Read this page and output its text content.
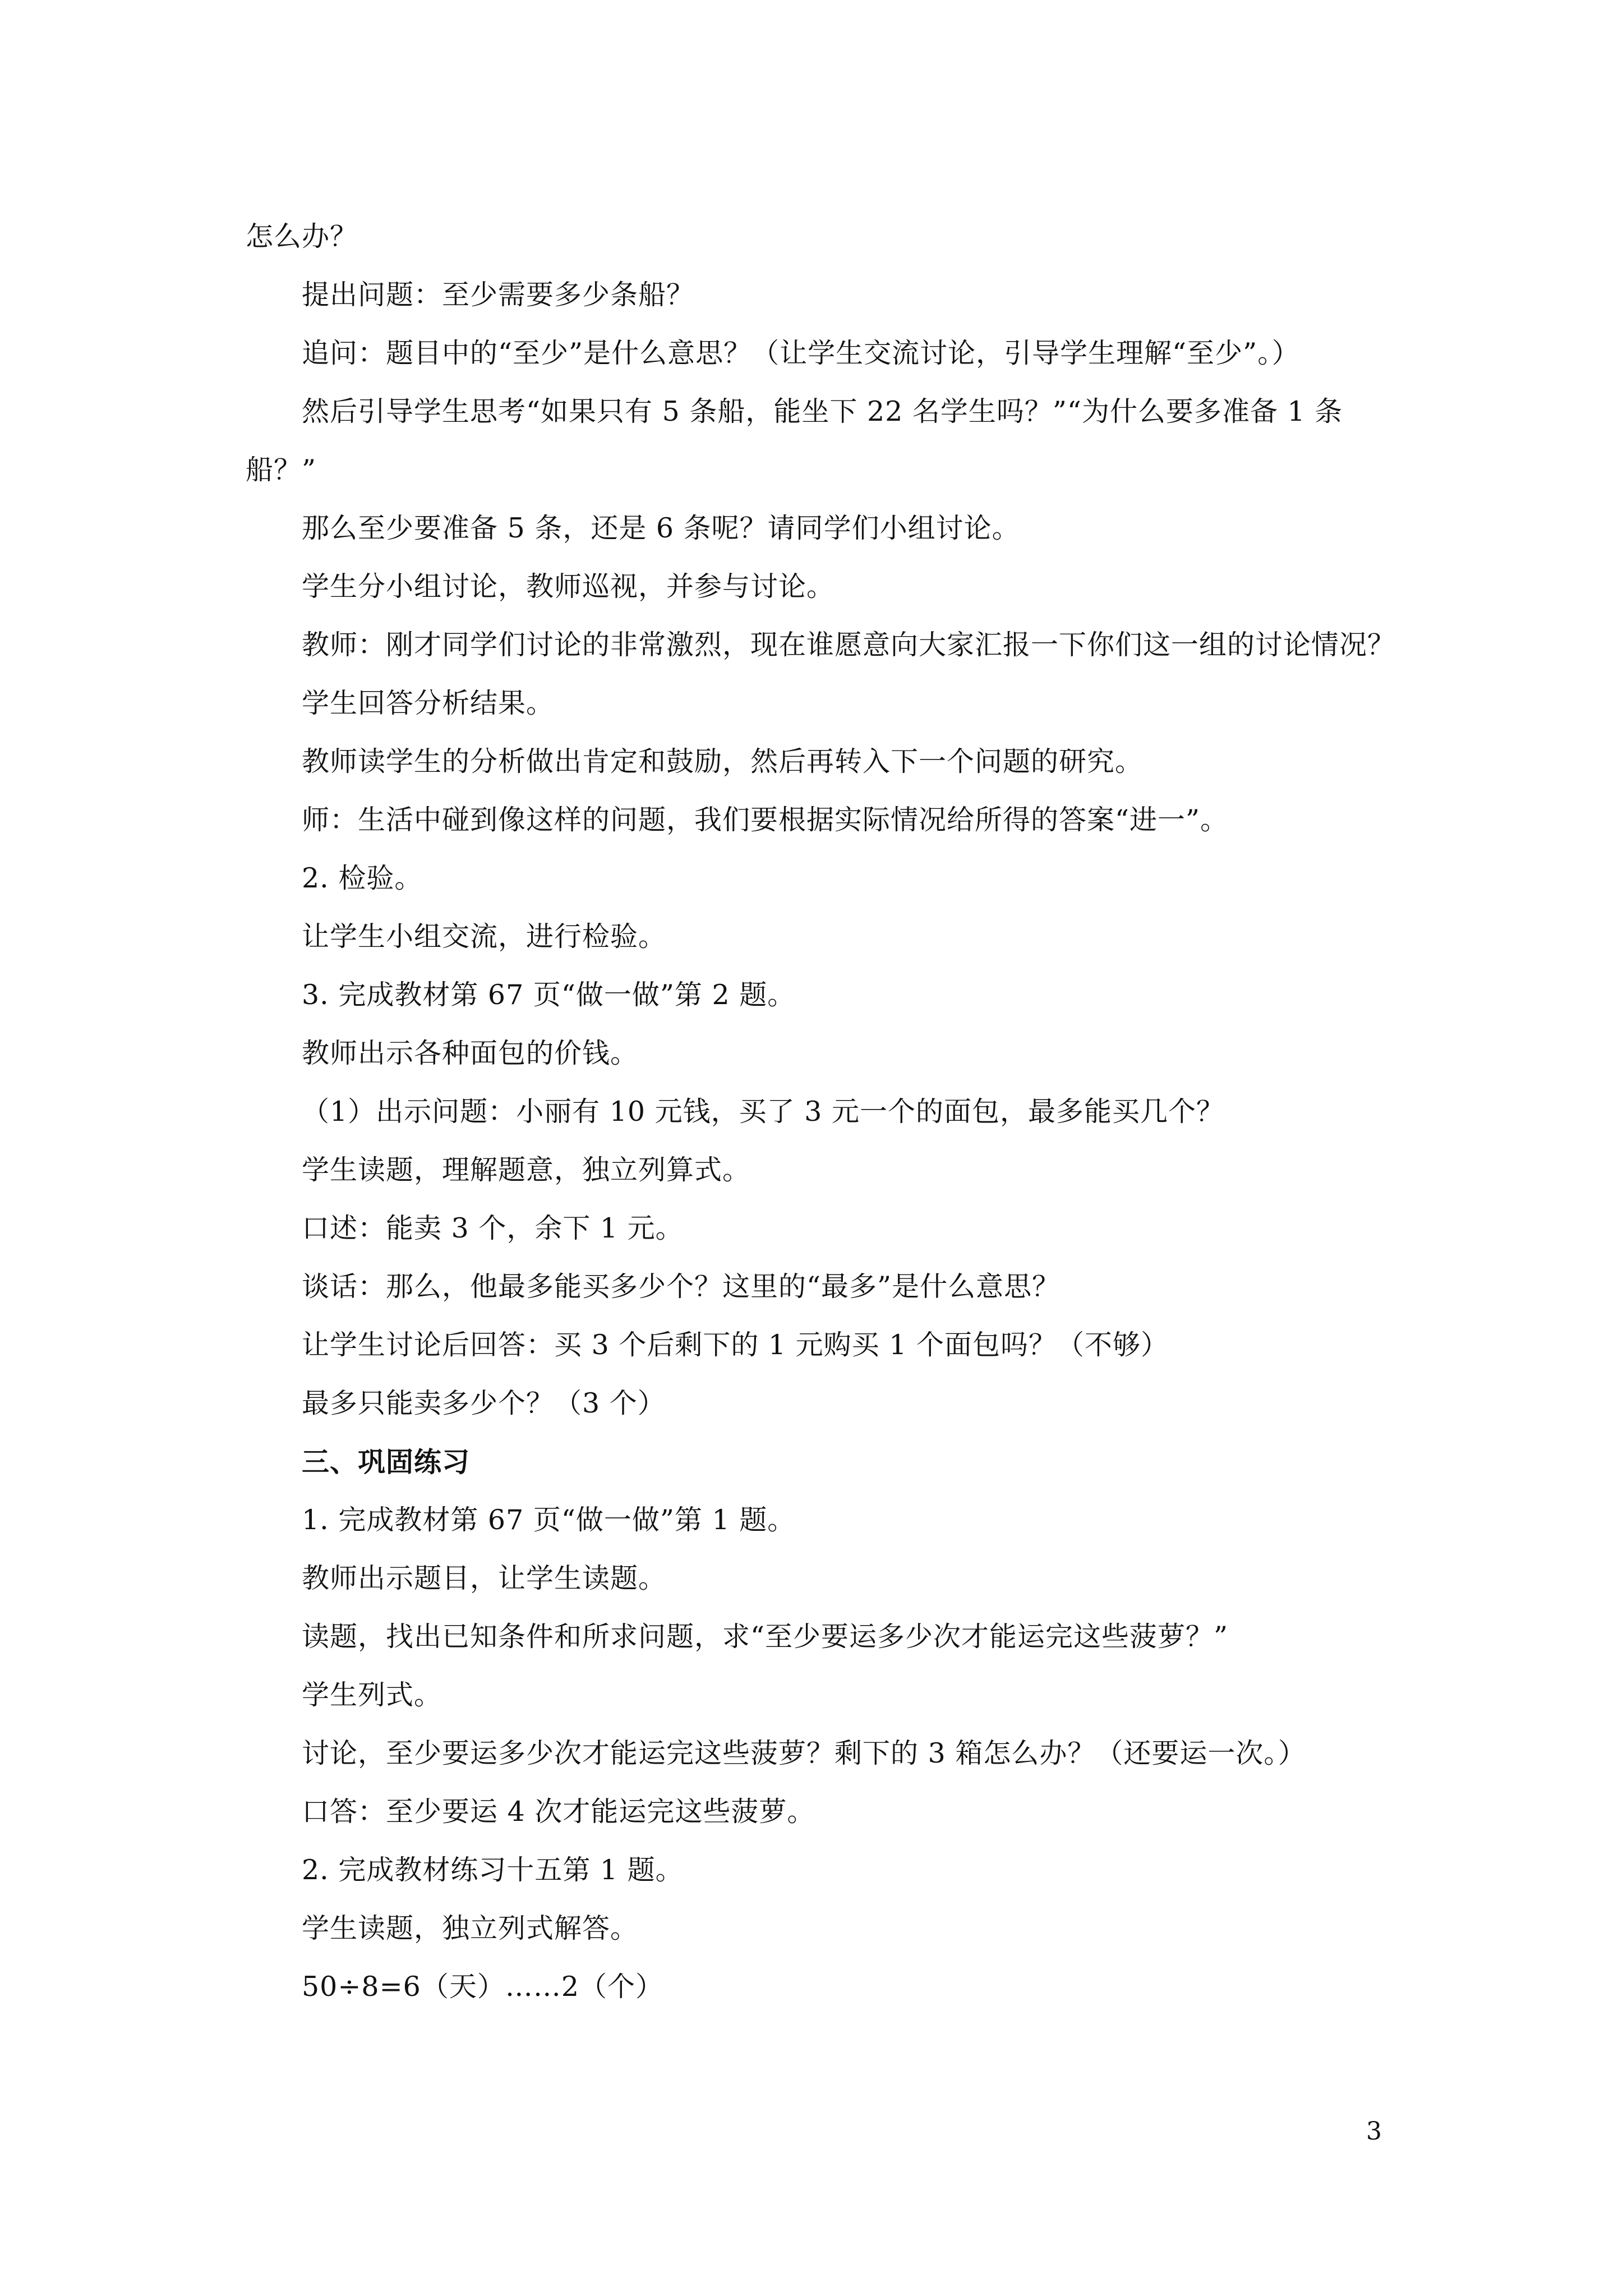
怎么办？
提出问题：至少需要多少条船？
追问：题目中的“至少”是什么意思？（让学生交流讨论，引导学生理解“至少”。）
然后引导学生思考“如果只有 5 条船，能坐下 22 名学生吗？”“为什么要多准备 1 条
船？”
那么至少要准备 5 条，还是 6 条呢？请同学们小组讨论。
学生分小组讨论，教师巡视，并参与讨论。
教师：刚才同学们讨论的非常激烈，现在谁愿意向大家汇报一下你们这一组的讨论情况？
学生回答分析结果。
教师读学生的分析做出肯定和鼓励，然后再转入下一个问题的研究。
师：生活中碰到像这样的问题，我们要根据实际情况给所得的答案“进一”。
2. 检验。
让学生小组交流，进行检验。
3. 完成教材第 67 页“做一做”第 2 题。
教师出示各种面包的价钱。
（1）出示问题：小丽有 10 元钱，买了 3 元一个的面包，最多能买几个？
学生读题，理解题意，独立列算式。
口述：能卖 3 个，余下 1 元。
谈话：那么，他最多能买多少个？这里的“最多”是什么意思？
让学生讨论后回答：买 3 个后剩下的 1 元购买 1 个面包吗？（不够）
最多只能卖多少个？（3 个）
三、巩固练习
1. 完成教材第 67 页“做一做”第 1 题。
教师出示题目，让学生读题。
读题，找出已知条件和所求问题，求“至少要运多少次才能运完这些菠萝？”
学生列式。
讨论，至少要运多少次才能运完这些菠萝？剩下的 3 箱怎么办？（还要运一次。）
口答：至少要运 4 次才能运完这些菠萝。
2. 完成教材练习十五第 1 题。
学生读题，独立列式解答。
50÷8=6（天）……2（个）
3
